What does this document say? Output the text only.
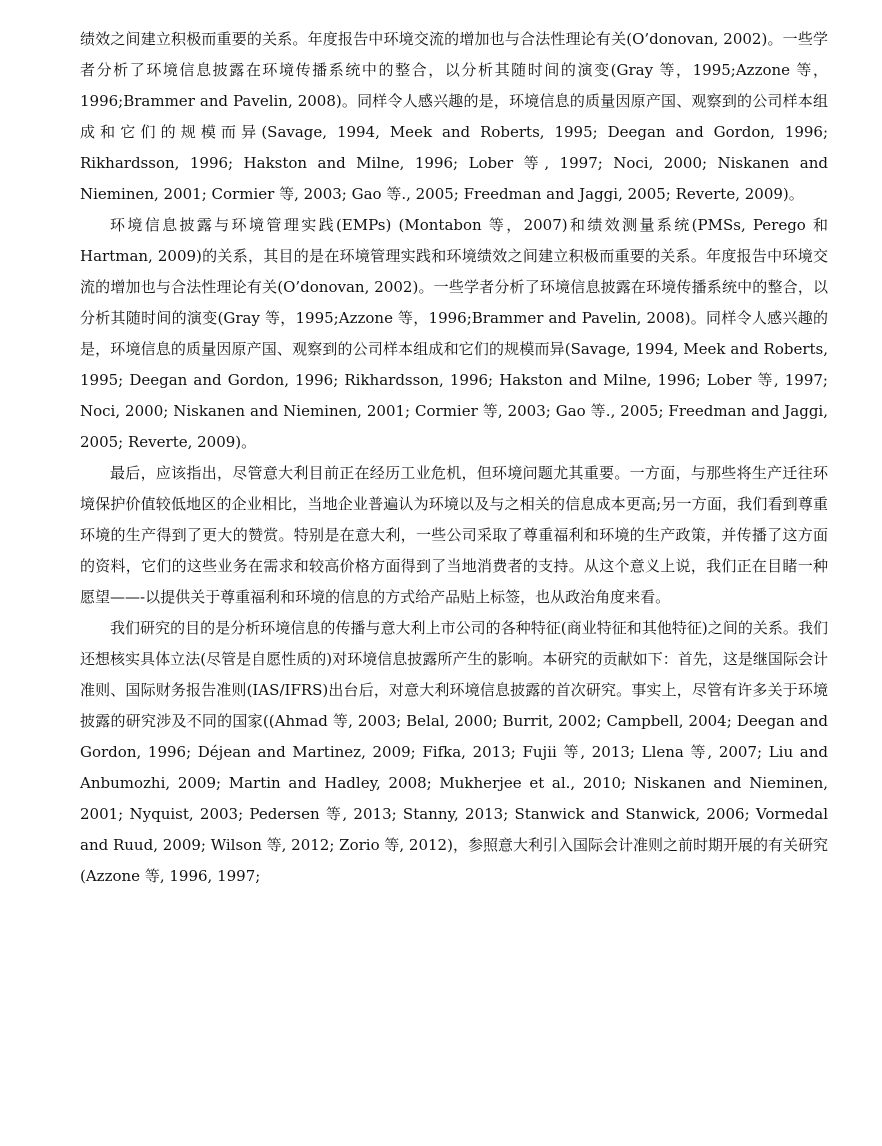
绩效之间建立积极而重要的关系。年度报告中环境交流的增加也与合法性理论有关(O’donovan, 2002)。一些学者分析了环境信息披露在环境传播系统中的整合，以分析其随时间的演变(Gray 等，1995;Azzone 等，1996;Brammer and Pavelin, 2008)。同样令人感兴趣的是，环境信息的质量因原产国、观察到的公司样本组成和它们的规模而异(Savage, 1994, Meek and Roberts, 1995; Deegan and Gordon, 1996; Rikhardsson, 1996; Hakston and Milne, 1996; Lober 等, 1997; Noci, 2000; Niskanen and Nieminen, 2001; Cormier 等, 2003; Gao 等., 2005; Freedman and Jaggi, 2005; Reverte, 2009)。

环境信息披露与环境管理实践(EMPs) (Montabon 等，2007)和绩效测量系统(PMSs, Perego 和 Hartman, 2009)的关系，其目的是在环境管理实践和环境绩效之间建立积极而重要的关系。年度报告中环境交流的增加也与合法性理论有关(O’donovan, 2002)。一些学者分析了环境信息披露在环境传播系统中的整合，以分析其随时间的演变(Gray 等，1995;Azzone 等，1996;Brammer and Pavelin, 2008)。同样令人感兴趣的是，环境信息的质量因原产国、观察到的公司样本组成和它们的规模而异(Savage, 1994, Meek and Roberts, 1995; Deegan and Gordon, 1996; Rikhardsson, 1996; Hakston and Milne, 1996; Lober 等, 1997; Noci, 2000; Niskanen and Nieminen, 2001; Cormier 等, 2003; Gao 等., 2005; Freedman and Jaggi, 2005; Reverte, 2009)。

最后，应该指出，尽管意大利目前正在经历工业危机，但环境问题尤其重要。一方面，与那些将生产迁往环境保护价值较低地区的企业相比，当地企业普遍认为环境以及与之相关的信息成本更高;另一方面，我们看到尊重环境的生产得到了更大的赞赏。特别是在意大利，一些公司采取了尊重福利和环境的生产政策，并传播了这方面的资料，它们的这些业务在需求和较高价格方面得到了当地消费者的支持。从这个意义上说，我们正在目睹一种愿望——-以提供关于尊重福利和环境的信息的方式给产品贴上标签，也从政治角度来看。

我们研究的目的是分析环境信息的传播与意大利上市公司的各种特征(商业特征和其他特征)之间的关系。我们还想核实具体立法(尽管是自愿性质的)对环境信息披露所产生的影响。本研究的贡献如下：首先，这是继国际会计准则、国际财务报告准则(IAS/IFRS)出台后，对意大利环境信息披露的首次研究。事实上，尽管有许多关于环境披露的研究涉及不同的国家((Ahmad 等, 2003; Belal, 2000; Burrit, 2002; Campbell, 2004; Deegan and Gordon, 1996; Déjean and Martinez, 2009; Fifka, 2013; Fujii 等, 2013; Llena 等, 2007; Liu and Anbumozhi, 2009; Martin and Hadley, 2008; Mukherjee et al., 2010; Niskanen and Nieminen, 2001; Nyquist, 2003; Pedersen 等, 2013; Stanny, 2013; Stanwick and Stanwick, 2006; Vormedal and Ruud, 2009; Wilson 等, 2012; Zorio 等, 2012)，参照意大利引入国际会计准则之前时期开展的有关研究(Azzone 等, 1996, 1997;
